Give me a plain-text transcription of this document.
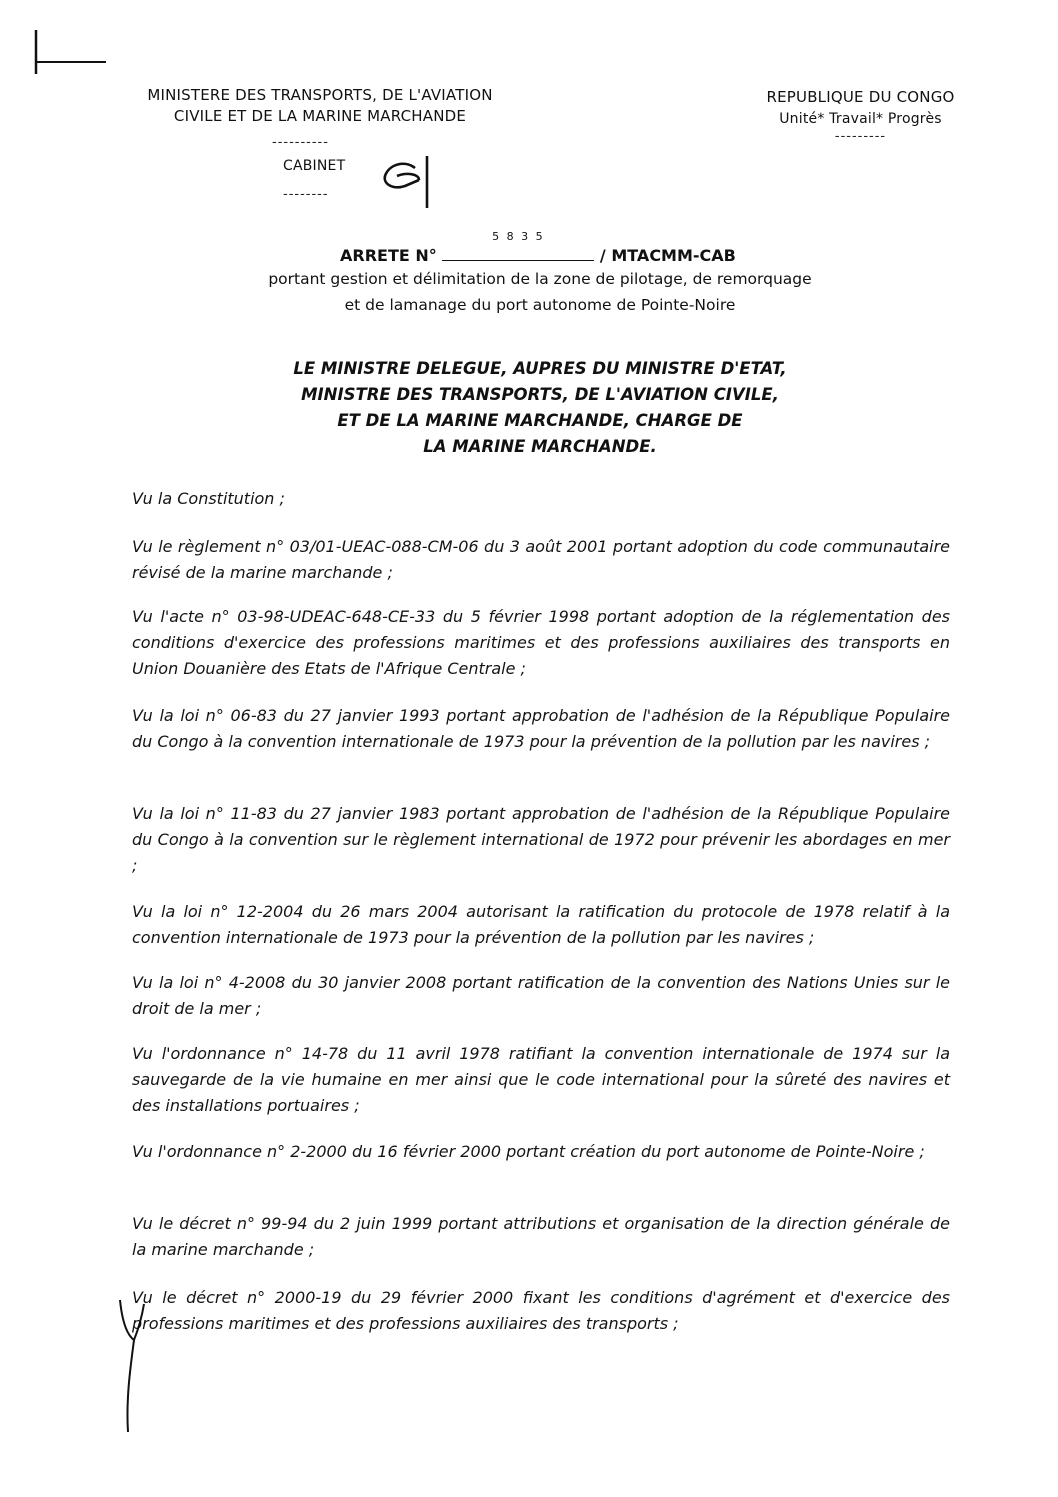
MINISTERE DES TRANSPORTS, DE L'AVIATION
CIVILE ET DE LA MARINE MARCHANDE
----------
CABINET
--------
REPUBLIQUE DU CONGO
Unité* Travail* Progrès
---------
ARRETE N°
5 8 3 5
/ MTACMM-CAB
portant gestion et délimitation de la zone de pilotage, de remorquage
et de lamanage du port autonome de Pointe-Noire
LE MINISTRE DELEGUE, AUPRES DU MINISTRE D'ETAT,
MINISTRE DES TRANSPORTS, DE L'AVIATION CIVILE,
ET DE LA MARINE MARCHANDE, CHARGE DE
LA MARINE MARCHANDE.
Vu la Constitution ;
Vu le règlement n° 03/01-UEAC-088-CM-06 du 3 août 2001 portant adoption du code communautaire révisé de la marine marchande ;
Vu l'acte n° 03-98-UDEAC-648-CE-33 du 5 février 1998 portant adoption de la réglementation des conditions d'exercice des professions maritimes et des professions auxiliaires des transports en Union Douanière des Etats de l'Afrique Centrale ;
Vu la loi n° 06-83 du 27 janvier 1993 portant approbation de l'adhésion de la République Populaire du Congo à la convention internationale de 1973 pour la prévention de la pollution par les navires ;
Vu la loi n° 11-83 du 27 janvier 1983 portant approbation de l'adhésion de la République Populaire du Congo à la convention sur le règlement international de 1972 pour prévenir les abordages en mer ;
Vu la loi n° 12-2004 du 26 mars 2004 autorisant la ratification du protocole de 1978 relatif à la convention internationale de 1973 pour la prévention de la pollution par les navires ;
Vu la loi n° 4-2008 du 30 janvier 2008 portant ratification de la convention des Nations Unies sur le droit de la mer ;
Vu l'ordonnance n° 14-78 du 11 avril 1978 ratifiant la convention internationale de 1974 sur la sauvegarde de la vie humaine en mer ainsi que le code international pour la sûreté des navires et des installations portuaires ;
Vu l'ordonnance n° 2-2000 du 16 février 2000 portant création du port autonome de Pointe-Noire ;
Vu le décret n° 99-94 du 2 juin 1999 portant attributions et organisation de la direction générale de la marine marchande ;
Vu le décret n° 2000-19 du 29 février 2000 fixant les conditions d'agrément et d'exercice des professions maritimes et des professions auxiliaires des transports ;
